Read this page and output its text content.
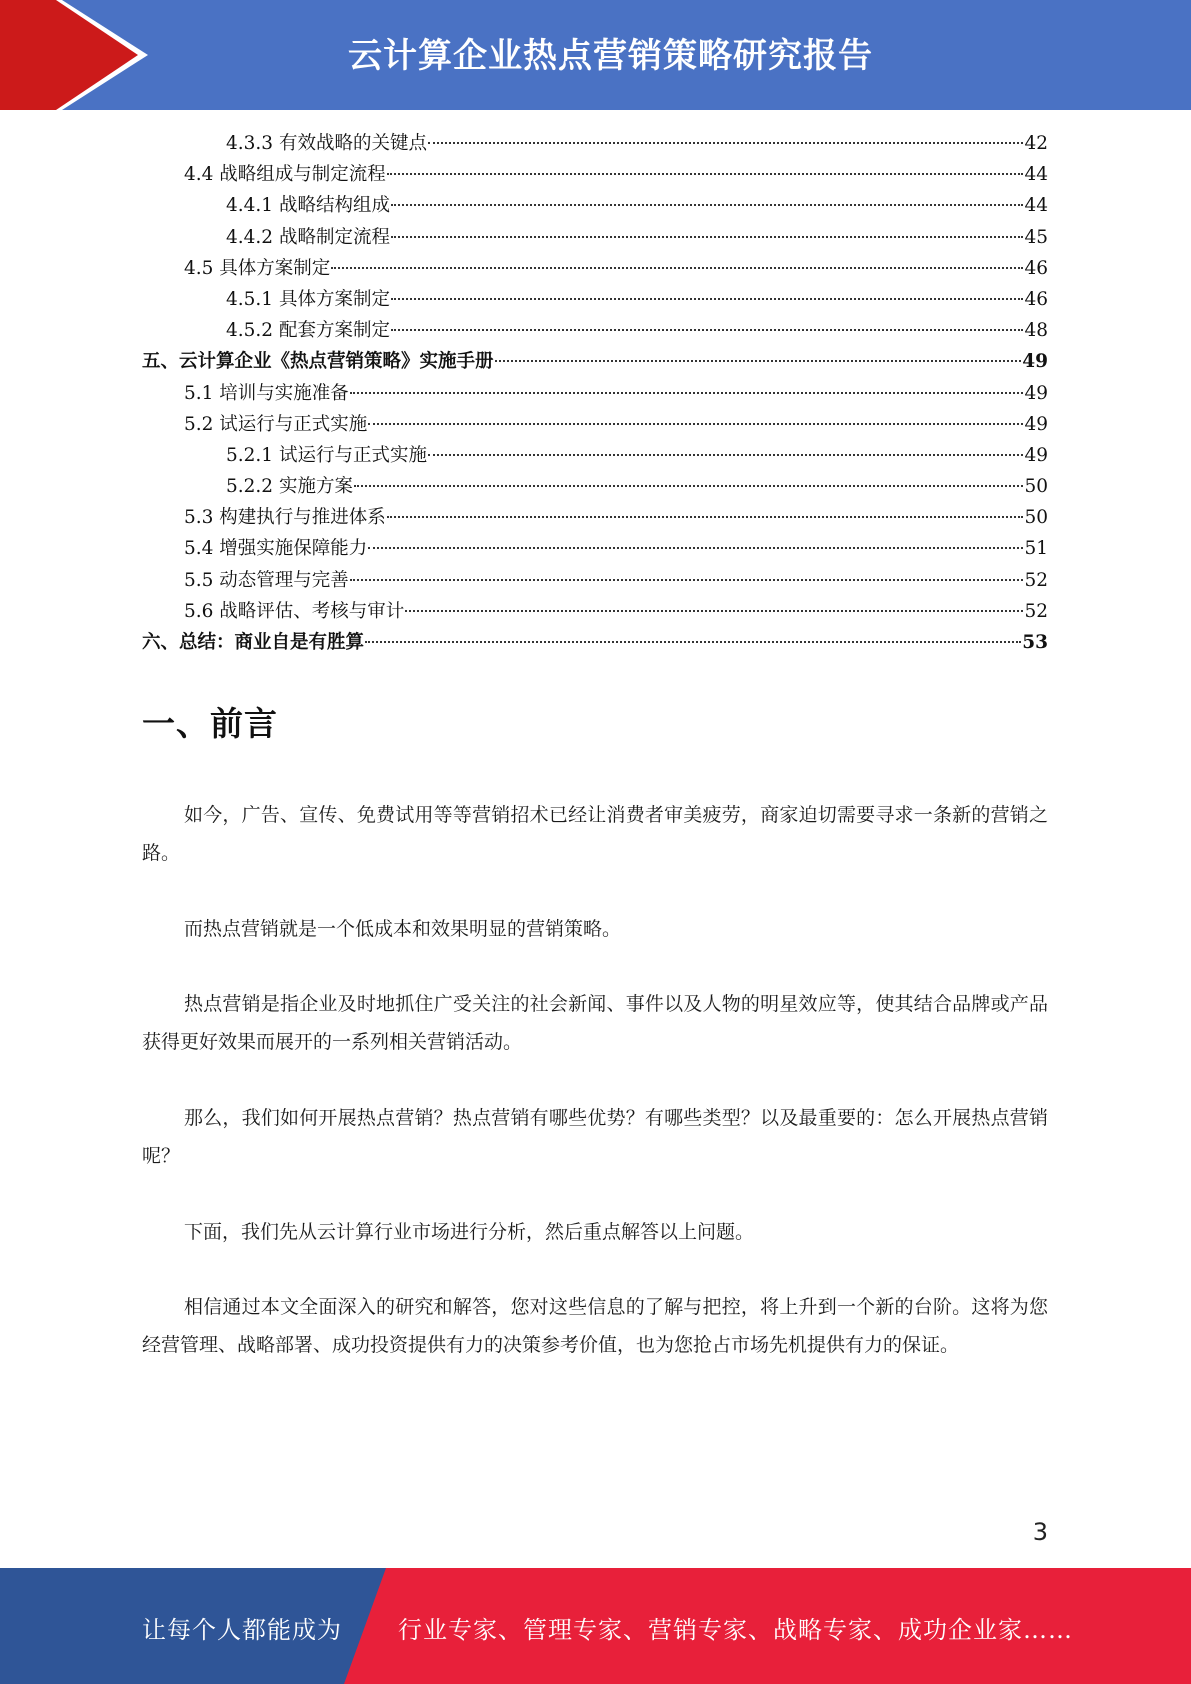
云计算企业热点营销策略研究报告
4.3.3 有效战略的关键点	42
4.4 战略组成与制定流程	44
4.4.1 战略结构组成	44
4.4.2 战略制定流程	45
4.5 具体方案制定	46
4.5.1 具体方案制定	46
4.5.2 配套方案制定	48
五、云计算企业《热点营销策略》实施手册	49
5.1 培训与实施准备	49
5.2 试运行与正式实施	49
5.2.1 试运行与正式实施	49
5.2.2 实施方案	50
5.3 构建执行与推进体系	50
5.4 增强实施保障能力	51
5.5 动态管理与完善	52
5.6 战略评估、考核与审计	52
六、总结：商业自是有胜算	53
一、前言

如今，广告、宣传、免费试用等等营销招术已经让消费者审美疲劳，商家迫切需要寻求一条新的营销之路。

而热点营销就是一个低成本和效果明显的营销策略。

热点营销是指企业及时地抓住广受关注的社会新闻、事件以及人物的明星效应等，使其结合品牌或产品获得更好效果而展开的一系列相关营销活动。

那么，我们如何开展热点营销？热点营销有哪些优势？有哪些类型？以及最重要的：怎么开展热点营销呢？

下面，我们先从云计算行业市场进行分析，然后重点解答以上问题。

相信通过本文全面深入的研究和解答，您对这些信息的了解与把控，将上升到一个新的台阶。这将为您经营管理、战略部署、成功投资提供有力的决策参考价值，也为您抢占市场先机提供有力的保证。

3
让每个人都能成为 行业专家、管理专家、营销专家、战略专家、成功企业家……
